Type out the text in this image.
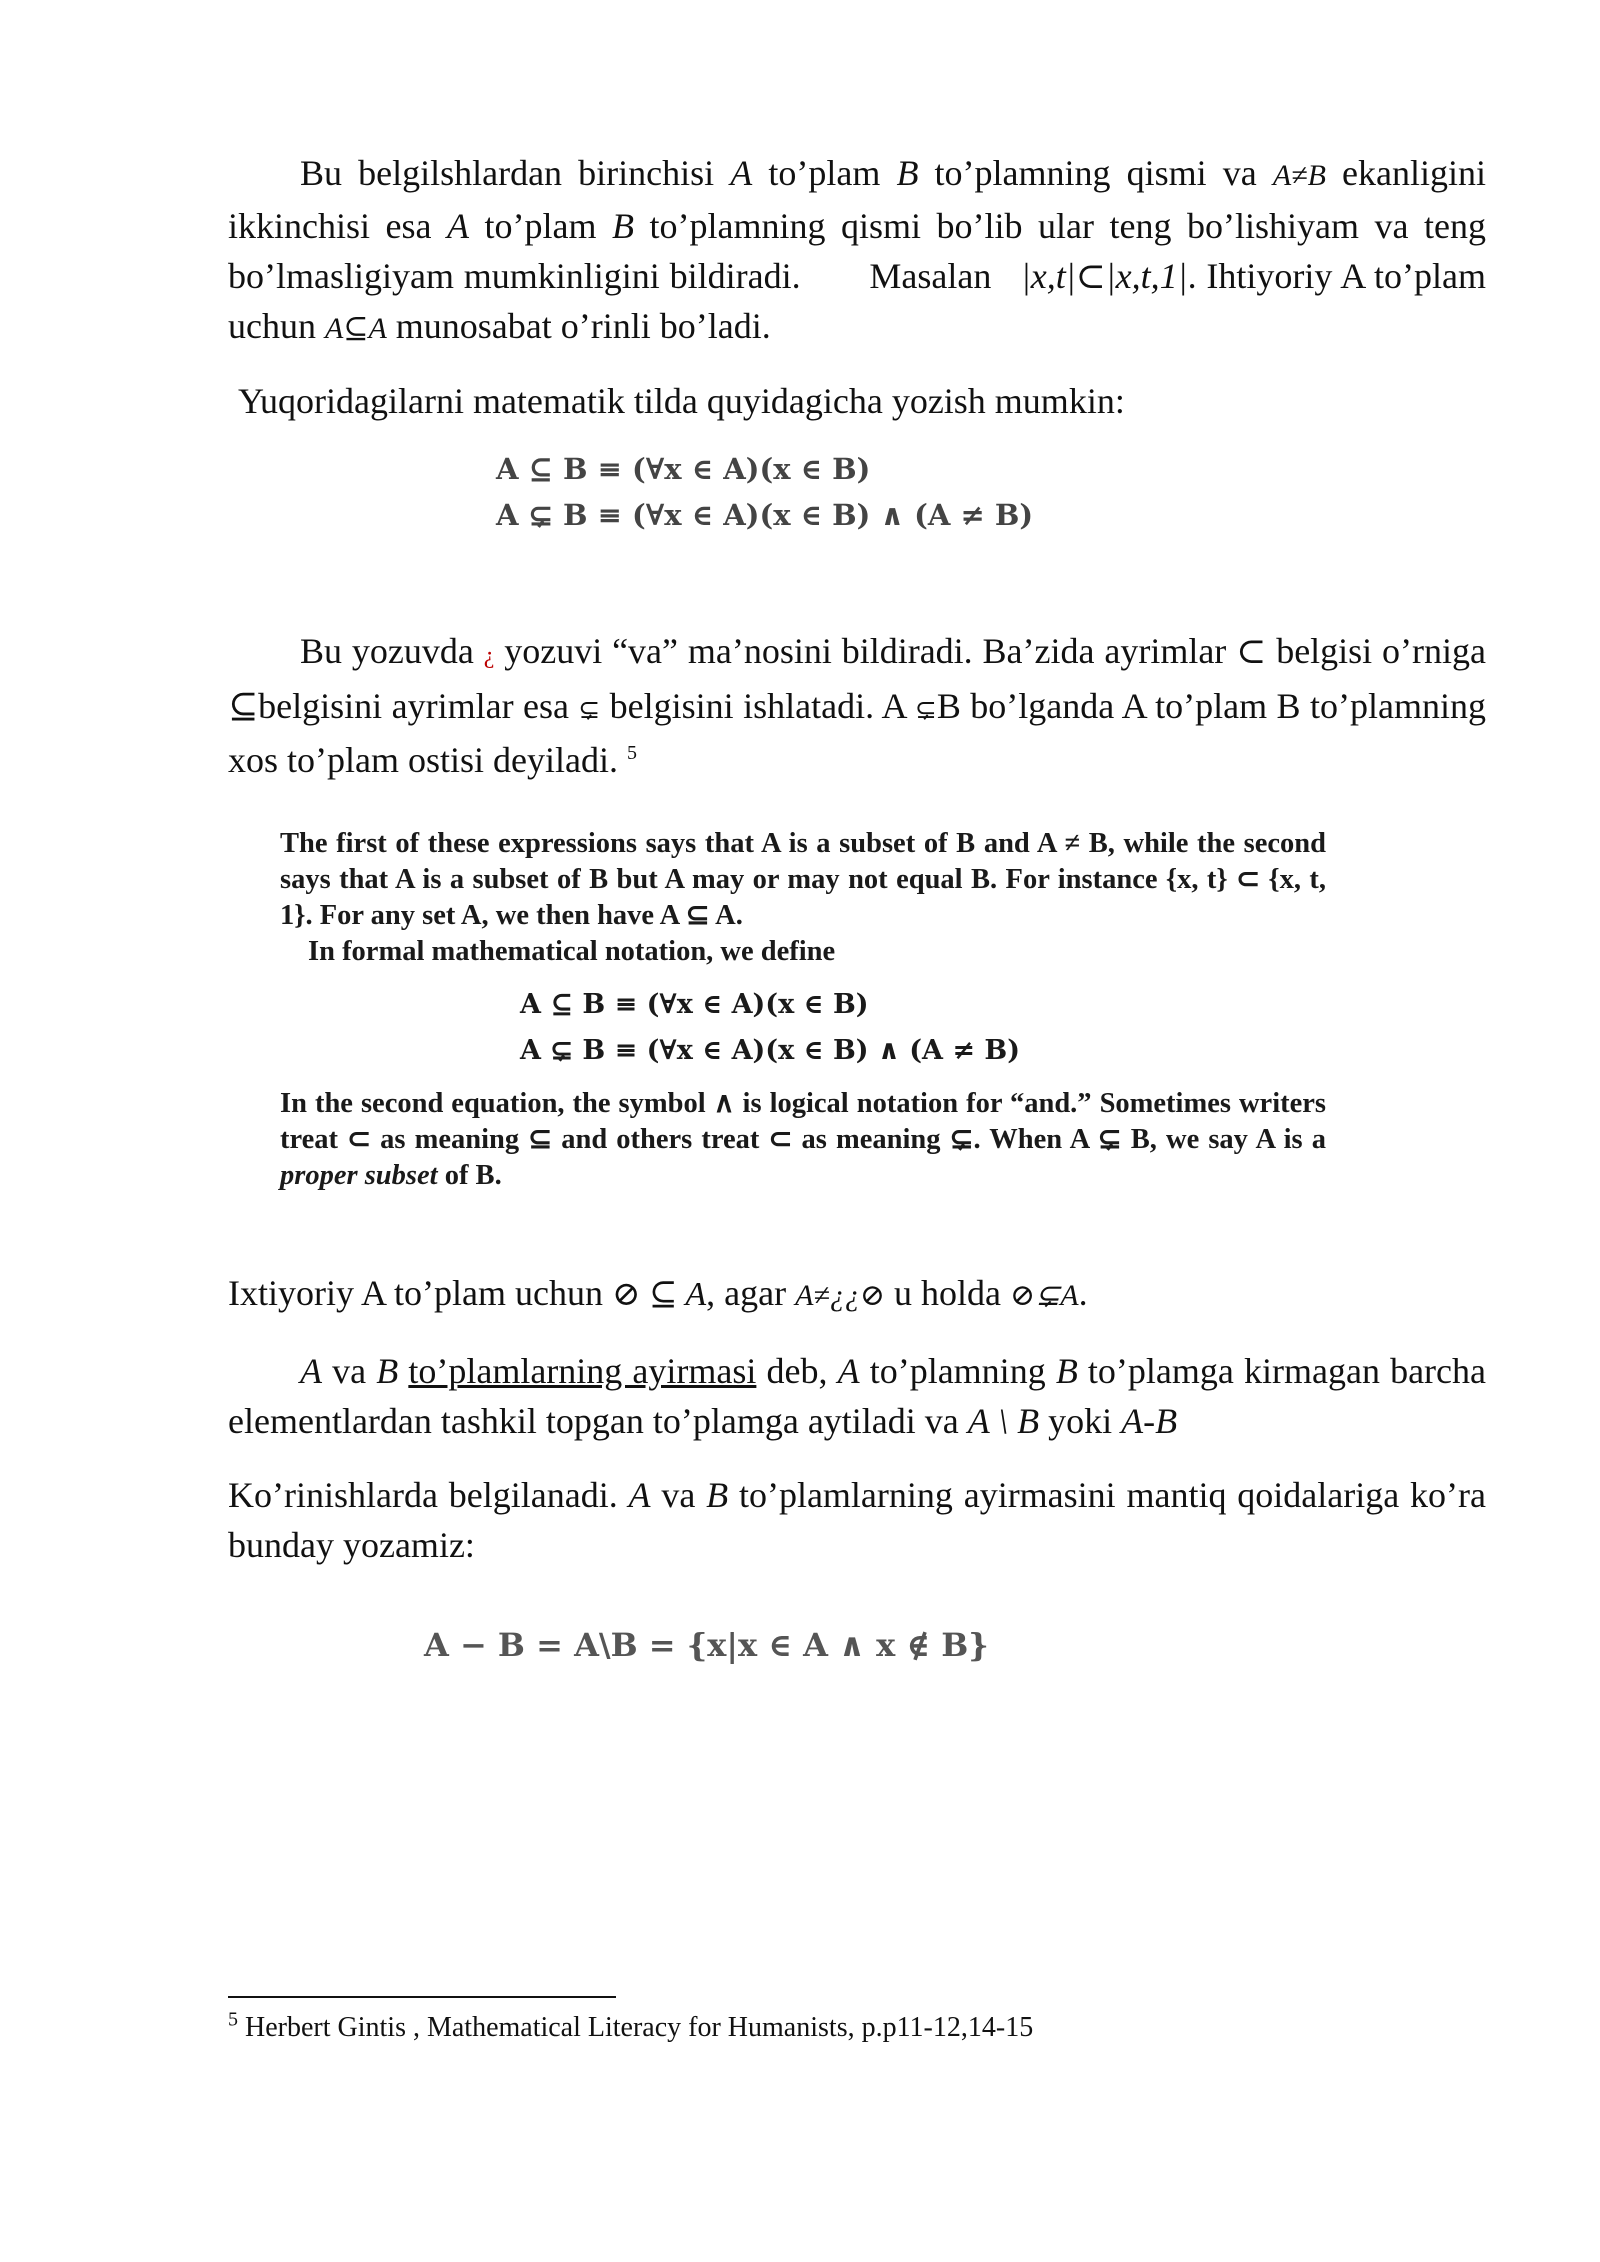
Bu belgilshlardan birinchisi A to’plam B to’plamning qismi va A≠B ekanligini ikkinchisi esa A to’plam B to’plamning qismi bo’lib ular teng bo’lishiyam va teng bo’lmasligiyam mumkinligini bildiradi. Masalan |x,t|⊂|x,t,1|. Ihtiyoriy A to’plam uchun A⊆A munosabat o’rinli bo’ladi.

Yuqoridagilarni matematik tilda quyidagicha yozish mumkin:

A ⊆ B ≡ (∀x ∈ A)(x ∈ B)
A ⊊ B ≡ (∀x ∈ A)(x ∈ B) ∧ (A ≠ B)

Bu yozuvda ¿ yozuvi “va” ma’nosini bildiradi. Ba’zida ayrimlar ⊂ belgisi o’rniga ⊆belgisini ayrimlar esa ⊊ belgisini ishlatadi. A ⊊B bo’lganda A to’plam B to’plamning xos to’plam ostisi deyiladi. $^5$

The first of these expressions says that A is a subset of B and A ≠ B, while the second says that A is a subset of B but A may or may not equal B. For instance {x, t} ⊂ {x, t, 1}. For any set A, we then have A ⊆ A.

In formal mathematical notation, we define

A ⊆ B ≡ (∀x ∈ A)(x ∈ B)
A ⊊ B ≡ (∀x ∈ A)(x ∈ B) ∧ (A ≠ B)

In the second equation, the symbol ∧ is logical notation for “and.” Sometimes writers treat ⊂ as meaning ⊆ and others treat ⊂ as meaning ⊊. When A ⊊ B, we say A is a proper subset of B.

Ixtiyoriy A to’plam uchun ⊘ ⊆ A, agar A≠¿¿⊘ u holda ⊘⊊A.

A va B to’plamlarning ayirmasi deb, A to’plamning B to’plamga kirmagan barcha elementlardan tashkil topgan to’plamga aytiladi va A \ B yoki A-B

Ko’rinishlarda belgilanadi. A va B to’plamlarning ayirmasini mantiq qoidalariga ko’ra bunday yozamiz:

A − B = A\B = {x|x ∈ A ∧ x ∉ B}
$^5$ Herbert Gintis , Mathematical Literacy for Humanists, p.p11-12,14-15
